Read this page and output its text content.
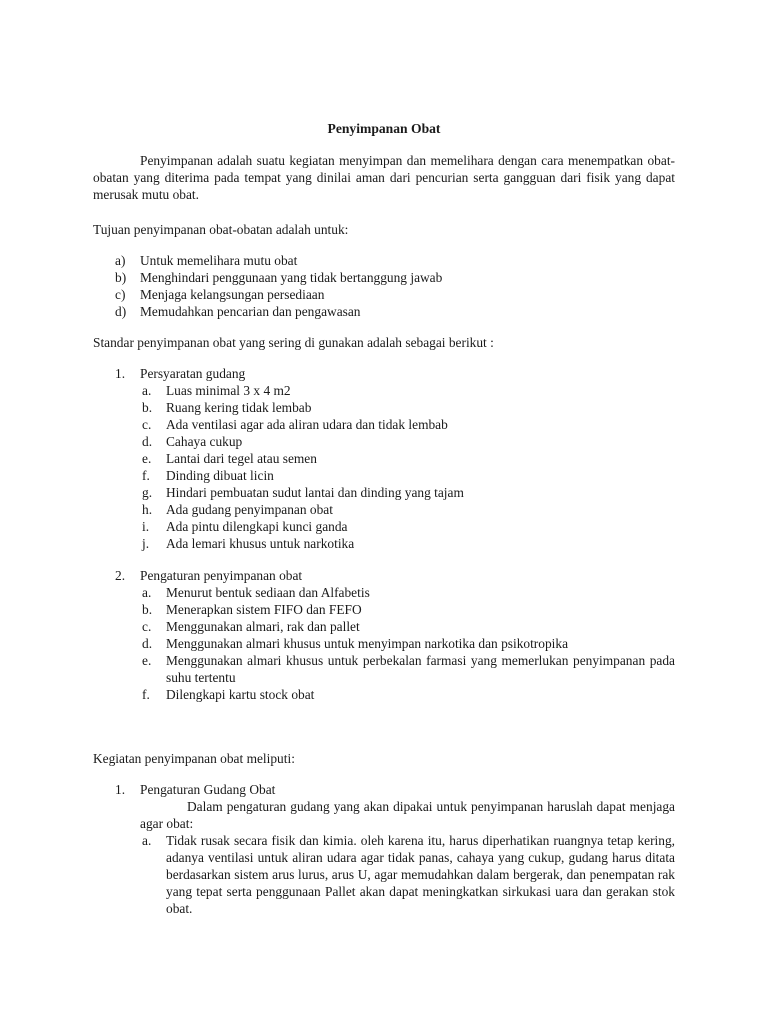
Penyimpanan Obat
Penyimpanan adalah suatu kegiatan menyimpan dan memelihara dengan cara menempatkan obat-obatan yang diterima pada tempat yang dinilai aman dari pencurian serta gangguan dari fisik yang dapat merusak mutu obat.
Tujuan penyimpanan obat-obatan adalah untuk:
a) Untuk memelihara mutu obat
b) Menghindari penggunaan yang tidak bertanggung jawab
c) Menjaga kelangsungan persediaan
d) Memudahkan pencarian dan pengawasan
Standar penyimpanan obat yang sering di gunakan adalah sebagai berikut :
1. Persyaratan gudang
a. Luas minimal 3 x 4 m2
b. Ruang kering tidak lembab
c. Ada ventilasi agar ada aliran udara dan tidak lembab
d. Cahaya cukup
e. Lantai dari tegel atau semen
f. Dinding dibuat licin
g. Hindari pembuatan sudut lantai dan dinding yang tajam
h. Ada gudang penyimpanan obat
i. Ada pintu dilengkapi kunci ganda
j. Ada lemari khusus untuk narkotika
2. Pengaturan penyimpanan obat
a. Menurut bentuk sediaan dan Alfabetis
b. Menerapkan sistem FIFO dan FEFO
c. Menggunakan almari, rak dan pallet
d. Menggunakan almari khusus untuk menyimpan narkotika dan psikotropika
e. Menggunakan almari khusus untuk perbekalan farmasi yang memerlukan penyimpanan pada suhu tertentu
f. Dilengkapi kartu stock obat
Kegiatan penyimpanan obat meliputi:
1. Pengaturan Gudang Obat
Dalam pengaturan gudang yang akan dipakai untuk penyimpanan haruslah dapat menjaga agar obat:
a. Tidak rusak secara fisik dan kimia. oleh karena itu, harus diperhatikan ruangnya tetap kering, adanya ventilasi untuk aliran udara agar tidak panas, cahaya yang cukup, gudang harus ditata berdasarkan sistem arus lurus, arus U, agar memudahkan dalam bergerak, dan penempatan rak yang tepat serta penggunaan Pallet akan dapat meningkatkan sirkukasi uara dan gerakan stok obat.
